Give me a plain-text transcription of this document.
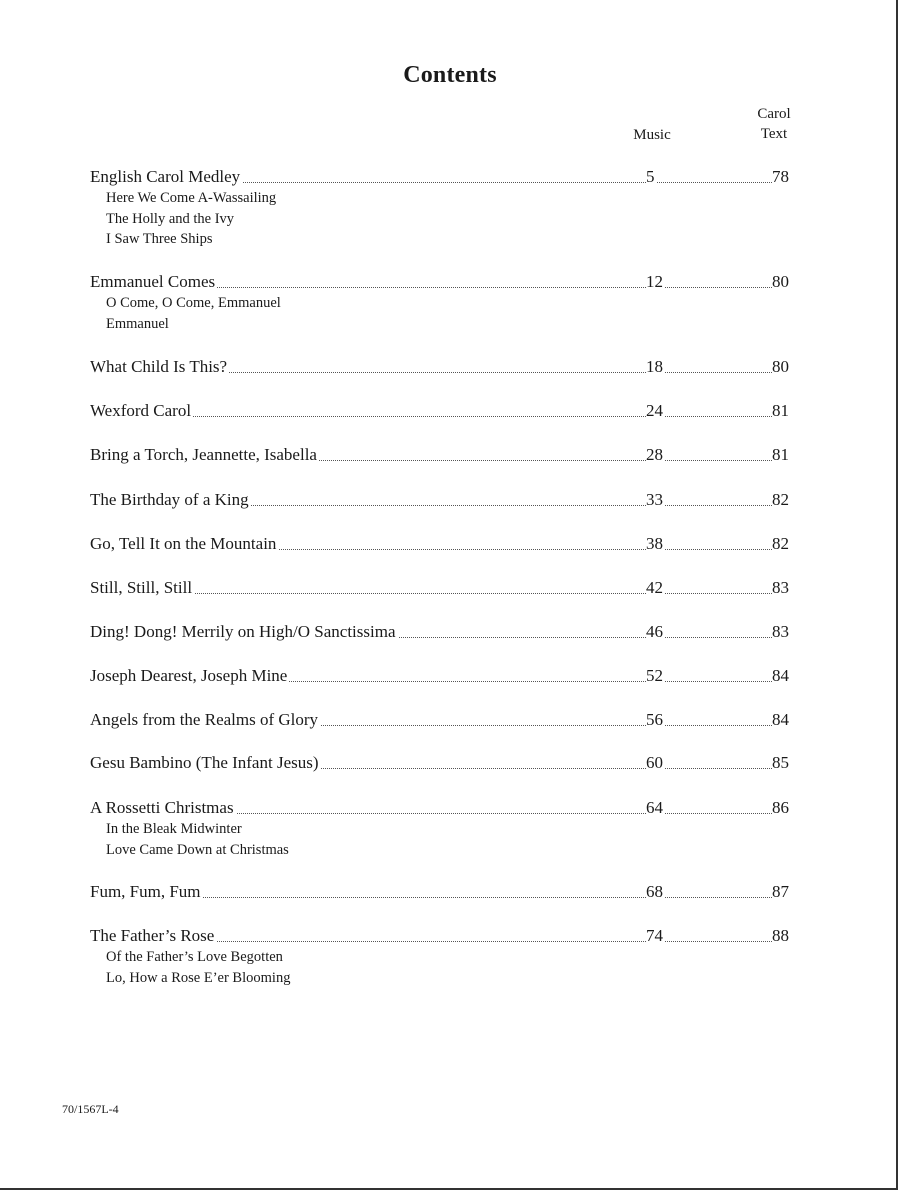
Contents
Music
Carol
Text
English Carol Medley	5	78
Here We Come A-Wassailing
The Holly and the Ivy
I Saw Three Ships
Emmanuel Comes	12	80
O Come, O Come, Emmanuel
Emmanuel
What Child Is This?	18	80
Wexford Carol	24	81
Bring a Torch, Jeannette, Isabella	28	81
The Birthday of a King	33	82
Go, Tell It on the Mountain	38	82
Still, Still, Still	42	83
Ding! Dong! Merrily on High/O Sanctissima	46	83
Joseph Dearest, Joseph Mine	52	84
Angels from the Realms of Glory	56	84
Gesu Bambino (The Infant Jesus)	60	85
A Rossetti Christmas	64	86
In the Bleak Midwinter
Love Came Down at Christmas
Fum, Fum, Fum	68	87
The Father’s Rose	74	88
Of the Father’s Love Begotten
Lo, How a Rose E’er Blooming
70/1567L-4
